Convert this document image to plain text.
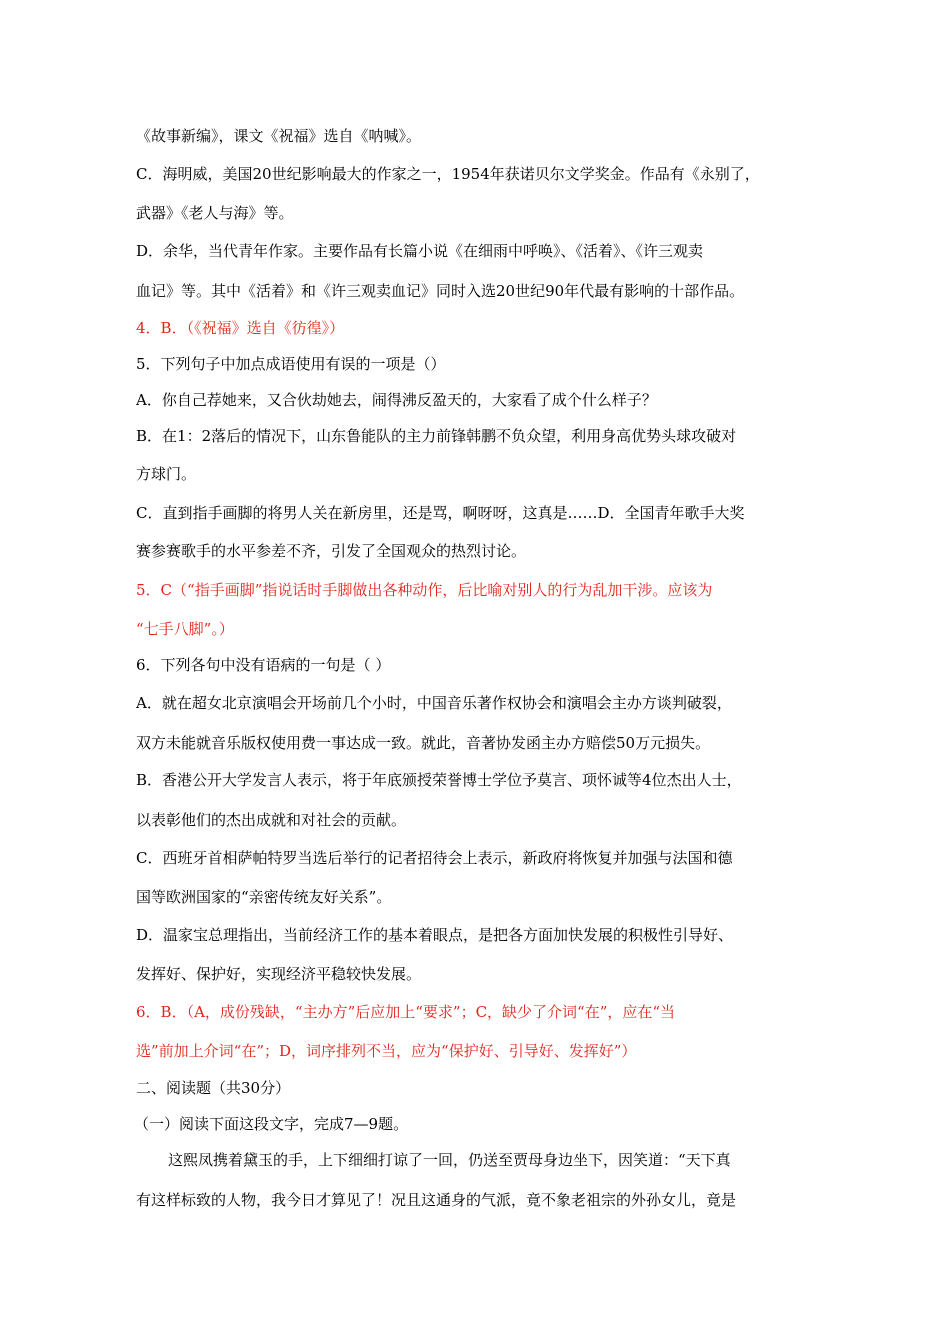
《故事新编》，课文《祝福》选自《呐喊》。
C．海明威，美国20世纪影响最大的作家之一，1954年获诺贝尔文学奖金。作品有《永别了，
武器》《老人与海》等。
D．余华，当代青年作家。主要作品有长篇小说《在细雨中呼唤》、《活着》、《许三观卖
血记》等。其中《活着》和《许三观卖血记》同时入选20世纪90年代最有影响的十部作品。
4．B．（《祝福》选自《彷徨》）
5．下列句子中加点成语使用有误的一项是（）
A．你自己荐她来，又合伙劫她去，闹得沸反盈天的，大家看了成个什么样子？
B．在1：2落后的情况下，山东鲁能队的主力前锋韩鹏不负众望，利用身高优势头球攻破对
方球门。
C．直到指手画脚的将男人关在新房里，还是骂，啊呀呀，这真是……D．全国青年歌手大奖
赛参赛歌手的水平参差不齐，引发了全国观众的热烈讨论。
5．C（“指手画脚”指说话时手脚做出各种动作，后比喻对别人的行为乱加干涉。应该为
“七手八脚”。）
6．下列各句中没有语病的一句是（ ）
A．就在超女北京演唱会开场前几个小时，中国音乐著作权协会和演唱会主办方谈判破裂，
双方未能就音乐版权使用费一事达成一致。就此，音著协发函主办方赔偿50万元损失。
B．香港公开大学发言人表示，将于年底颁授荣誉博士学位予莫言、项怀诚等4位杰出人士，
以表彰他们的杰出成就和对社会的贡献。
C．西班牙首相萨帕特罗当选后举行的记者招待会上表示，新政府将恢复并加强与法国和德
国等欧洲国家的“亲密传统友好关系”。
D．温家宝总理指出，当前经济工作的基本着眼点，是把各方面加快发展的积极性引导好、
发挥好、保护好，实现经济平稳较快发展。
6．B．（A，成份残缺，“主办方”后应加上“要求”；C，缺少了介词“在”，应在“当
选”前加上介词“在”；D，词序排列不当，应为“保护好、引导好、发挥好”）
二、阅读题（共30分）
（一）阅读下面这段文字，完成7—9题。
这熙凤携着黛玉的手，上下细细打谅了一回，仍送至贾母身边坐下，因笑道：“天下真
有这样标致的人物，我今日才算见了！况且这通身的气派，竟不象老祖宗的外孙女儿，竟是
